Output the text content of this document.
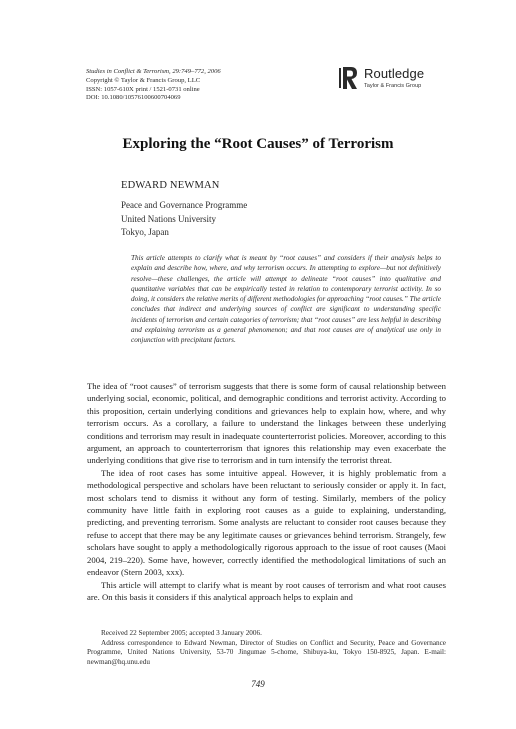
Studies in Conflict & Terrorism, 29:749–772, 2006
Copyright © Taylor & Francis Group, LLC
ISSN: 1057-610X print / 1521-0731 online
DOI: 10.1080/10576100600704069
Routledge
Taylor & Francis Group
Exploring the “Root Causes” of Terrorism
EDWARD NEWMAN
Peace and Governance Programme
United Nations University
Tokyo, Japan
This article attempts to clarify what is meant by “root causes” and considers if their analysis helps to explain and describe how, where, and why terrorism occurs. In attempting to explore—but not definitively resolve—these challenges, the article will attempt to delineate “root causes” into qualitative and quantitative variables that can be empirically tested in relation to contemporary terrorist activity. In so doing, it considers the relative merits of different methodologies for approaching “root causes.” The article concludes that indirect and underlying sources of conflict are significant to understanding specific incidents of terrorism and certain categories of terrorism; that “root causes” are less helpful in describing and explaining terrorism as a general phenomenon; and that root causes are of analytical use only in conjunction with precipitant factors.

The idea of “root causes” of terrorism suggests that there is some form of causal relationship between underlying social, economic, political, and demographic conditions and terrorist activity. According to this proposition, certain underlying conditions and grievances help to explain how, where, and why terrorism occurs. As a corollary, a failure to understand the linkages between these underlying conditions and terrorism may result in inadequate counterterrorist policies. Moreover, according to this argument, an approach to counterterrorism that ignores this relationship may even exacerbate the underlying conditions that give rise to terrorism and in turn intensify the terrorist threat.

The idea of root cases has some intuitive appeal. However, it is highly problematic from a methodological perspective and scholars have been reluctant to seriously consider or apply it. In fact, most scholars tend to dismiss it without any form of testing. Similarly, members of the policy community have little faith in exploring root causes as a guide to explaining, understanding, predicting, and preventing terrorism. Some analysts are reluctant to consider root causes because they refuse to accept that there may be any legitimate causes or grievances behind terrorism. Strangely, few scholars have sought to apply a methodologically rigorous approach to the issue of root causes (Maoi 2004, 219–220). Some have, however, correctly identified the methodological limitations of such an endeavor (Stern 2003, xxx).

This article will attempt to clarify what is meant by root causes of terrorism and what root causes are. On this basis it considers if this analytical approach helps to explain and

Received 22 September 2005; accepted 3 January 2006.

Address correspondence to Edward Newman, Director of Studies on Conflict and Security, Peace and Governance Programme, United Nations University, 53-70 Jingumae 5-chome, Shibuya-ku, Tokyo 150-8925, Japan. E-mail: newman@hq.unu.edu

749
